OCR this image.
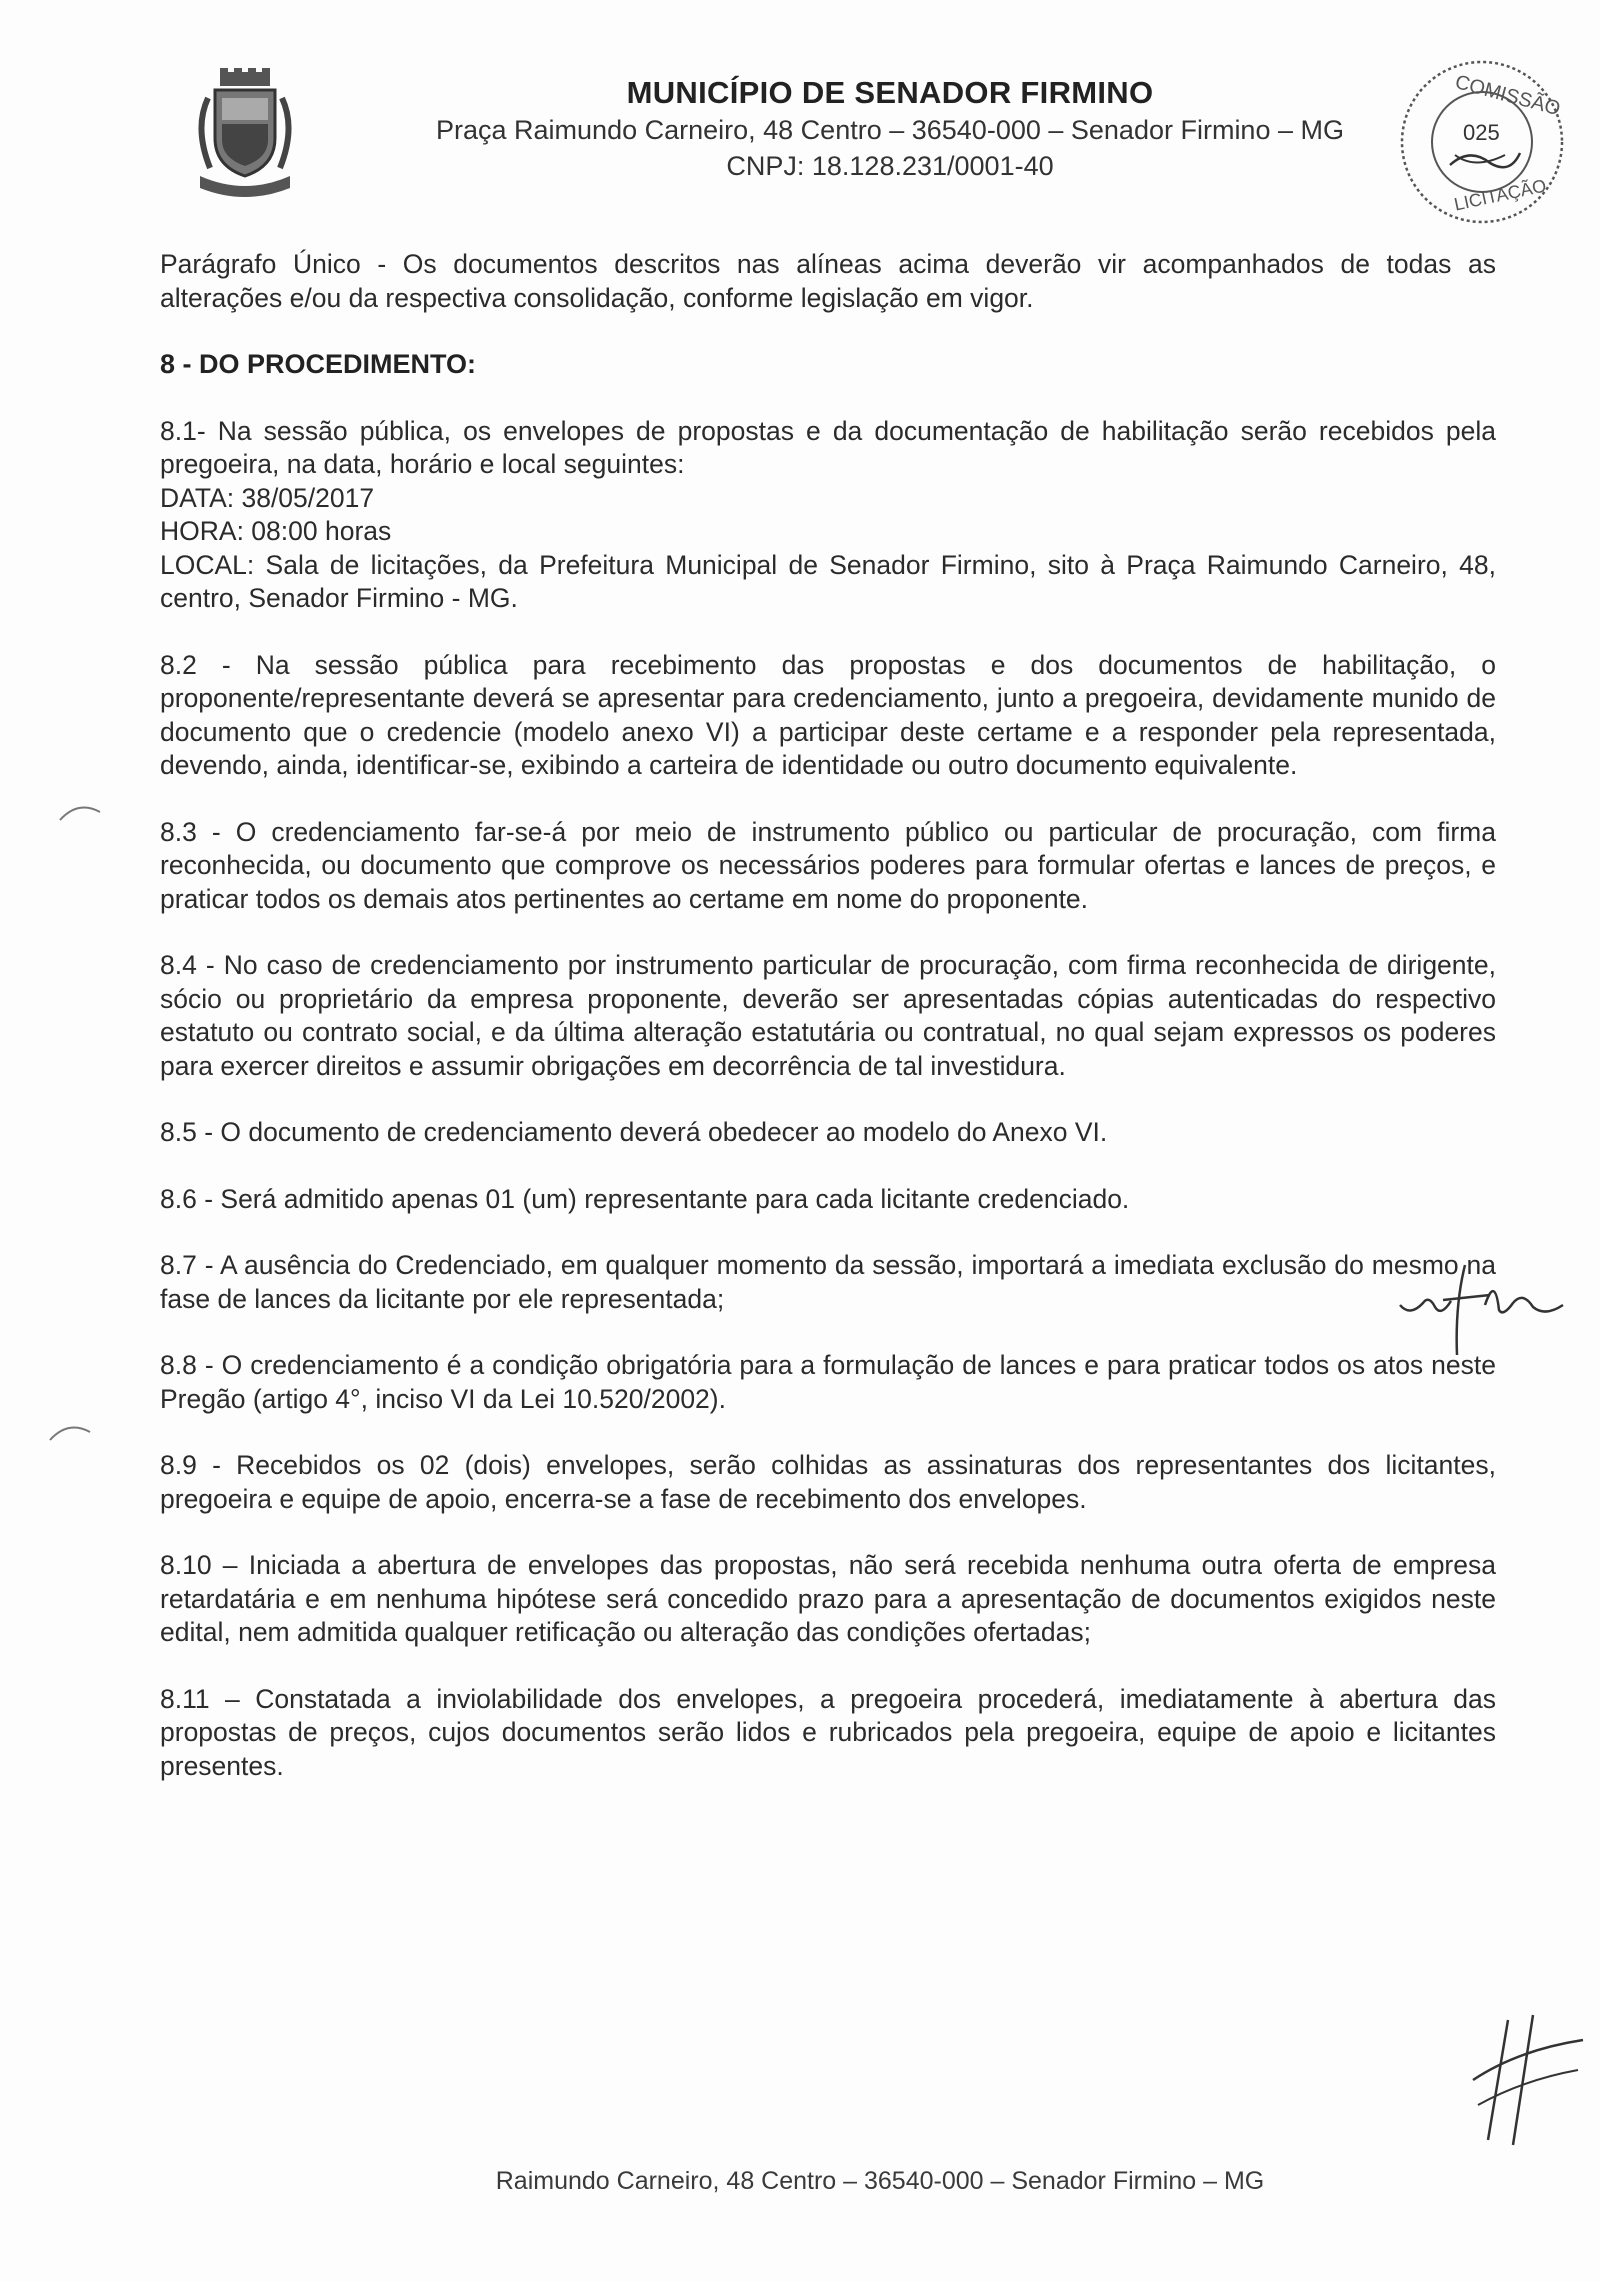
MUNICÍPIO DE SENADOR FIRMINO
Praça Raimundo Carneiro, 48 Centro – 36540-000 – Senador Firmino – MG
CNPJ: 18.128.231/0001-40
COMISSÃO
LICITAÇÃO
025

Parágrafo Único - Os documentos descritos nas alíneas acima deverão vir acompanhados de todas as alterações e/ou da respectiva consolidação, conforme legislação em vigor.

8 - DO PROCEDIMENTO:

8.1- Na sessão pública, os envelopes de propostas e da documentação de habilitação serão recebidos pela pregoeira, na data, horário e local seguintes:

DATA: 38/05/2017
HORA: 08:00 horas

LOCAL: Sala de licitações, da Prefeitura Municipal de Senador Firmino, sito à Praça Raimundo Carneiro, 48, centro, Senador Firmino - MG.

8.2 - Na sessão pública para recebimento das propostas e dos documentos de habilitação, o proponente/representante deverá se apresentar para credenciamento, junto a pregoeira, devidamente munido de documento que o credencie (modelo anexo VI) a participar deste certame e a responder pela representada, devendo, ainda, identificar-se, exibindo a carteira de identidade ou outro documento equivalente.

8.3 - O credenciamento far-se-á por meio de instrumento público ou particular de procuração, com firma reconhecida, ou documento que comprove os necessários poderes para formular ofertas e lances de preços, e praticar todos os demais atos pertinentes ao certame em nome do proponente.

8.4 - No caso de credenciamento por instrumento particular de procuração, com firma reconhecida de dirigente, sócio ou proprietário da empresa proponente, deverão ser apresentadas cópias autenticadas do respectivo estatuto ou contrato social, e da última alteração estatutária ou contratual, no qual sejam expressos os poderes para exercer direitos e assumir obrigações em decorrência de tal investidura.

8.5 - O documento de credenciamento deverá obedecer ao modelo do Anexo VI.

8.6 - Será admitido apenas 01 (um) representante para cada licitante credenciado.

8.7 - A ausência do Credenciado, em qualquer momento da sessão, importará a imediata exclusão do mesmo na fase de lances da licitante por ele representada;

8.8 - O credenciamento é a condição obrigatória para a formulação de lances e para praticar todos os atos neste Pregão (artigo 4°, inciso VI da Lei 10.520/2002).

8.9 - Recebidos os 02 (dois) envelopes, serão colhidas as assinaturas dos representantes dos licitantes, pregoeira e equipe de apoio, encerra-se a fase de recebimento dos envelopes.

8.10 – Iniciada a abertura de envelopes das propostas, não será recebida nenhuma outra oferta de empresa retardatária e em nenhuma hipótese será concedido prazo para a apresentação de documentos exigidos neste edital, nem admitida qualquer retificação ou alteração das condições ofertadas;

8.11 – Constatada a inviolabilidade dos envelopes, a pregoeira procederá, imediatamente à abertura das propostas de preços, cujos documentos serão lidos e rubricados pela pregoeira, equipe de apoio e licitantes presentes.

Raimundo Carneiro, 48 Centro – 36540-000 – Senador Firmino – MG
